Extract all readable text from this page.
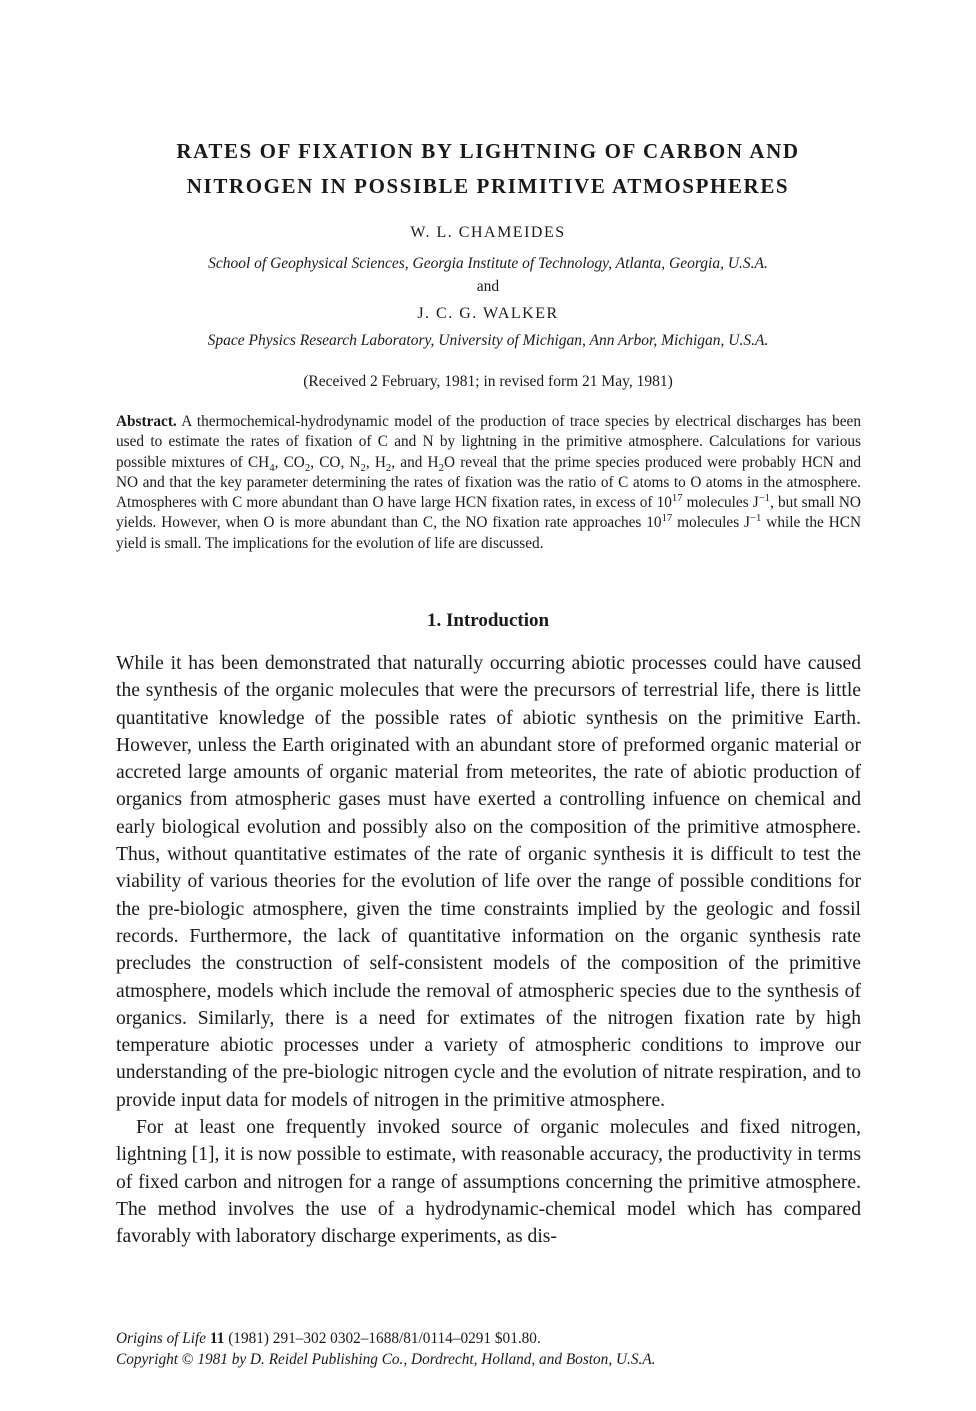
RATES OF FIXATION BY LIGHTNING OF CARBON AND
NITROGEN IN POSSIBLE PRIMITIVE ATMOSPHERES
W. L. CHAMEIDES
School of Geophysical Sciences, Georgia Institute of Technology, Atlanta, Georgia, U.S.A.
and
J. C. G. WALKER
Space Physics Research Laboratory, University of Michigan, Ann Arbor, Michigan, U.S.A.
(Received 2 February, 1981; in revised form 21 May, 1981)
Abstract. A thermochemical-hydrodynamic model of the production of trace species by electrical discharges has been used to estimate the rates of fixation of C and N by lightning in the primitive atmosphere. Calculations for various possible mixtures of $CH_4$, $CO_2$, CO, $N_2$, $H_2$, and $H_2O$ reveal that the prime species produced were probably HCN and NO and that the key parameter determining the rates of fixation was the ratio of C atoms to O atoms in the atmosphere. Atmospheres with C more abundant than O have large HCN fixation rates, in excess of $10^{17}$ molecules $J^{-1}$, but small NO yields. However, when O is more abundant than C, the NO fixation rate approaches $10^{17}$ molecules $J^{-1}$ while the HCN yield is small. The implications for the evolution of life are discussed.
1. Introduction

While it has been demonstrated that naturally occurring abiotic processes could have caused the synthesis of the organic molecules that were the precursors of terrestrial life, there is little quantitative knowledge of the possible rates of abiotic synthesis on the primitive Earth. However, unless the Earth originated with an abundant store of preformed organic material or accreted large amounts of organic material from meteorites, the rate of abiotic production of organics from atmospheric gases must have exerted a controlling infuence on chemical and early biological evolution and possibly also on the composition of the primitive atmosphere. Thus, without quantitative estimates of the rate of organic synthesis it is difficult to test the viability of various theories for the evolution of life over the range of possible conditions for the pre-biologic atmosphere, given the time constraints implied by the geologic and fossil records. Furthermore, the lack of quantitative information on the organic synthesis rate precludes the construction of self-consistent models of the composition of the primitive atmosphere, models which include the removal of atmospheric species due to the synthesis of organics. Similarly, there is a need for extimates of the nitrogen fixation rate by high temperature abiotic processes under a variety of atmospheric conditions to improve our understanding of the pre-biologic nitrogen cycle and the evolution of nitrate respiration, and to provide input data for models of nitrogen in the primitive atmosphere.

For at least one frequently invoked source of organic molecules and fixed nitrogen, lightning [1], it is now possible to estimate, with reasonable accuracy, the productivity in terms of fixed carbon and nitrogen for a range of assumptions concerning the primitive atmosphere. The method involves the use of a hydrodynamic-chemical model which has compared favorably with laboratory discharge experiments, as dis-

Origins of Life 11 (1981) 291–302 0302–1688/81/0114–0291 $01.80.
Copyright © 1981 by D. Reidel Publishing Co., Dordrecht, Holland, and Boston, U.S.A.
